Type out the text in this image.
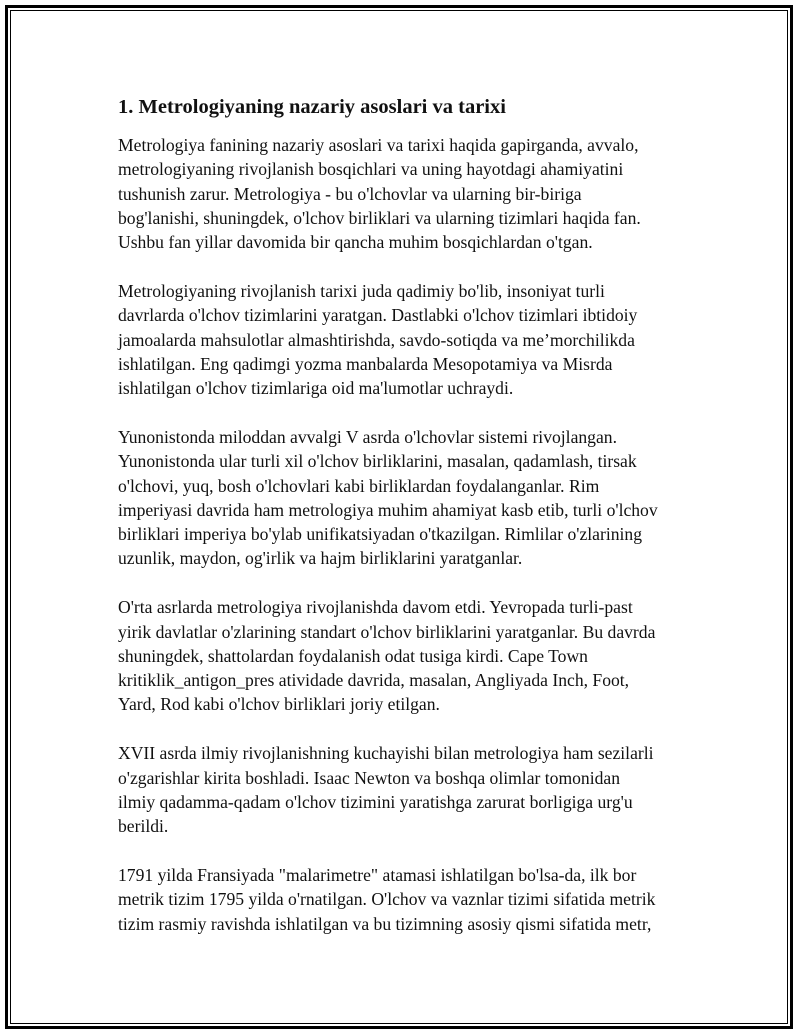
1. Metrologiyaning nazariy asoslari va tarixi

Metrologiya fanining nazariy asoslari va tarixi haqida gapirganda, avvalo,
metrologiyaning rivojlanish bosqichlari va uning hayotdagi ahamiyatini
tushunish zarur. Metrologiya - bu o'lchovlar va ularning bir-biriga
bog'lanishi, shuningdek, o'lchov birliklari va ularning tizimlari haqida fan.
Ushbu fan yillar davomida bir qancha muhim bosqichlardan o'tgan.

Metrologiyaning rivojlanish tarixi juda qadimiy bo'lib, insoniyat turli
davrlarda o'lchov tizimlarini yaratgan. Dastlabki o'lchov tizimlari ibtidoiy
jamoalarda mahsulotlar almashtirishda, savdo-sotiqda va me’morchilikda
ishlatilgan. Eng qadimgi yozma manbalarda Mesopotamiya va Misrda
ishlatilgan o'lchov tizimlariga oid ma'lumotlar uchraydi.

Yunonistonda miloddan avvalgi V asrda o'lchovlar sistemi rivojlangan.
Yunonistonda ular turli xil o'lchov birliklarini, masalan, qadamlash, tirsak
o'lchovi, yuq, bosh o'lchovlari kabi birliklardan foydalanganlar. Rim
imperiyasi davrida ham metrologiya muhim ahamiyat kasb etib, turli o'lchov
birliklari imperiya bo'ylab unifikatsiyadan o'tkazilgan. Rimlilar o'zlarining
uzunlik, maydon, og'irlik va hajm birliklarini yaratganlar.

O'rta asrlarda metrologiya rivojlanishda davom etdi. Yevropada turli-past
yirik davlatlar o'zlarining standart o'lchov birliklarini yaratganlar. Bu davrda
shuningdek, shattolardan foydalanish odat tusiga kirdi. Cape Town
kritiklik_antigon_pres atividade davrida, masalan, Angliyada Inch, Foot,
Yard, Rod kabi o'lchov birliklari joriy etilgan.

XVII asrda ilmiy rivojlanishning kuchayishi bilan metrologiya ham sezilarli
o'zgarishlar kirita boshladi. Isaac Newton va boshqa olimlar tomonidan
ilmiy qadamma-qadam o'lchov tizimini yaratishga zarurat borligiga urg'u
berildi.

1791 yilda Fransiyada "malarimetre" atamasi ishlatilgan bo'lsa-da, ilk bor
metrik tizim 1795 yilda o'rnatilgan. O'lchov va vaznlar tizimi sifatida metrik
tizim rasmiy ravishda ishlatilgan va bu tizimning asosiy qismi sifatida metr,
